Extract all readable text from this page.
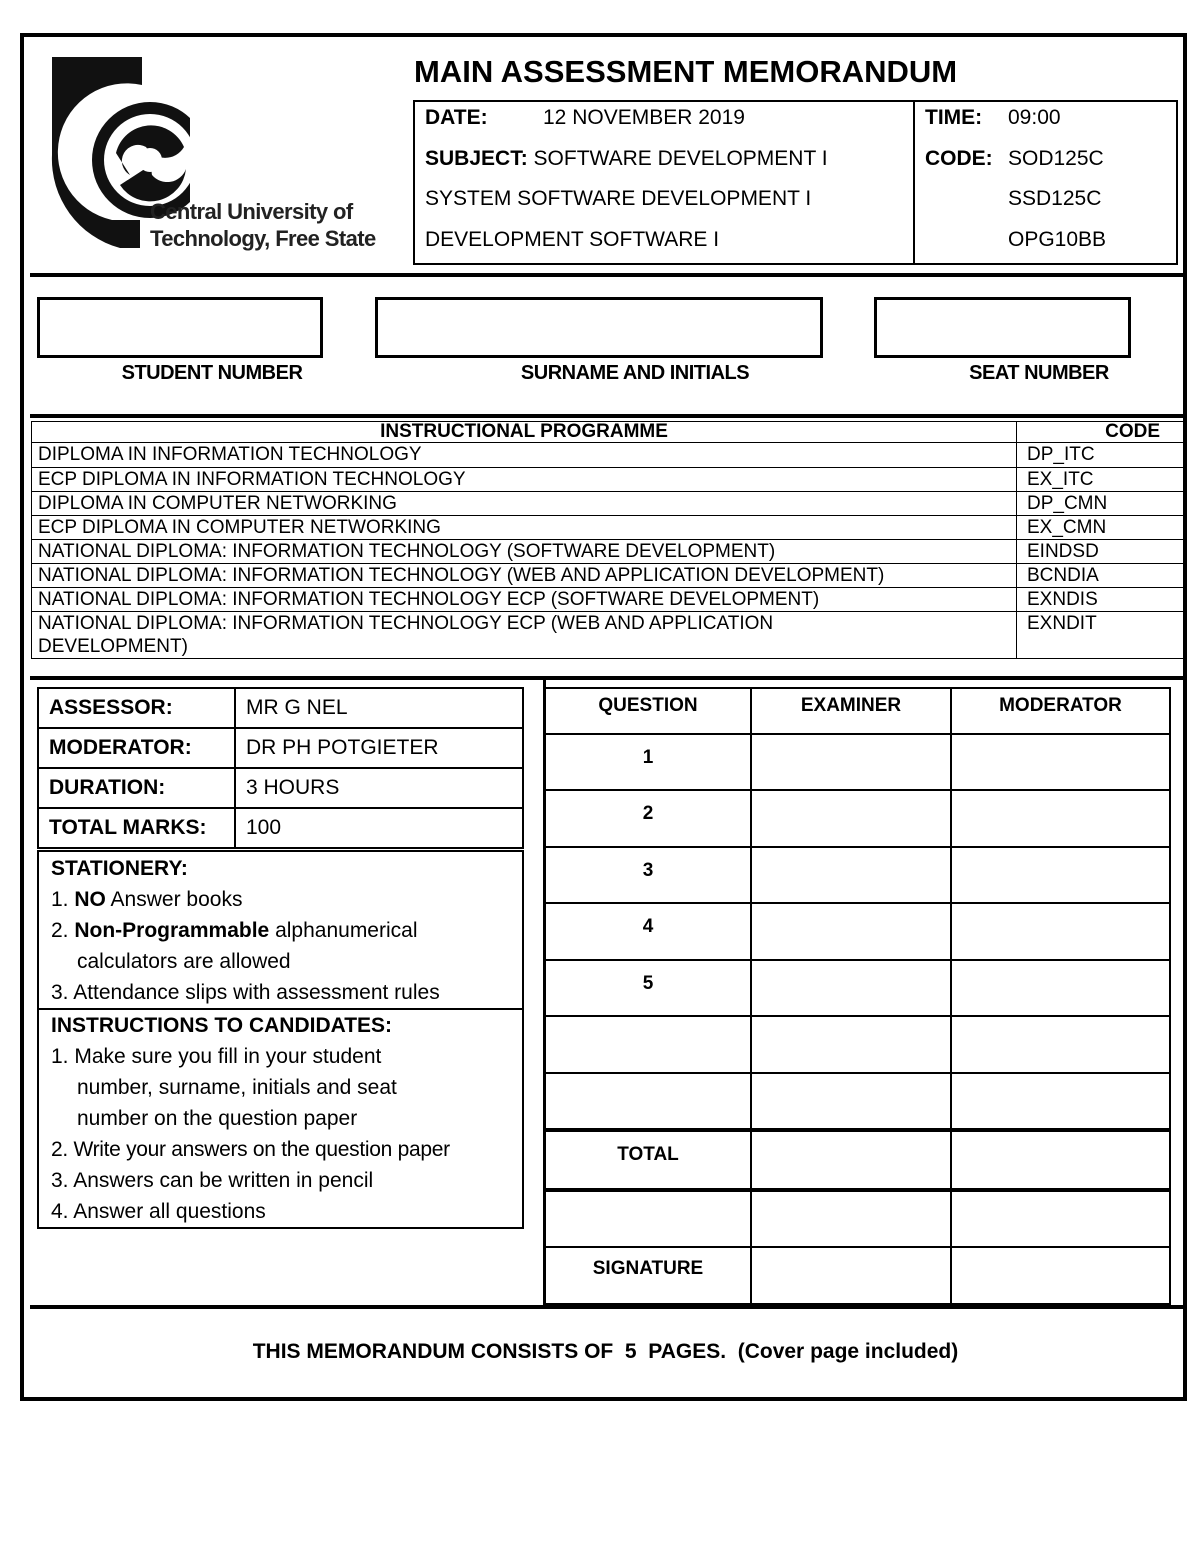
Central University of
Technology, Free State
MAIN ASSESSMENT MEMORANDUM
DATE:	12 NOVEMBER 2019
SUBJECT: SOFTWARE DEVELOPMENT I
SYSTEM SOFTWARE DEVELOPMENT I
DEVELOPMENT SOFTWARE I
TIME: 09:00
CODE: SOD125C
SSD125C
OPG10BB
STUDENT NUMBER	SURNAME AND INITIALS	SEAT NUMBER
INSTRUCTIONAL PROGRAMME	CODE
DIPLOMA IN INFORMATION TECHNOLOGY	DP_ITC
ECP DIPLOMA IN INFORMATION TECHNOLOGY	EX_ITC
DIPLOMA IN COMPUTER NETWORKING	DP_CMN
ECP DIPLOMA IN COMPUTER NETWORKING	EX_CMN
NATIONAL DIPLOMA: INFORMATION TECHNOLOGY (SOFTWARE DEVELOPMENT)	EINDSD
NATIONAL DIPLOMA: INFORMATION TECHNOLOGY (WEB AND APPLICATION DEVELOPMENT)	BCNDIA
NATIONAL DIPLOMA: INFORMATION TECHNOLOGY ECP (SOFTWARE DEVELOPMENT)	EXNDIS
NATIONAL DIPLOMA: INFORMATION TECHNOLOGY ECP (WEB AND APPLICATION DEVELOPMENT)	EXNDIT
ASSESSOR:	MR G NEL
MODERATOR:	DR PH POTGIETER
DURATION:	3 HOURS
TOTAL MARKS:	100
STATIONERY:
1. NO Answer books
2. Non-Programmable alphanumerical calculators are allowed
3. Attendance slips with assessment rules
INSTRUCTIONS TO CANDIDATES:
1. Make sure you fill in your student number, surname, initials and seat number on the question paper
2. Write your answers on the question paper
3. Answers can be written in pencil
4. Answer all questions
QUESTION	EXAMINER	MODERATOR
1		
2		
3		
4		
5		

TOTAL		

SIGNATURE		
THIS MEMORANDUM CONSISTS OF  5  PAGES.  (Cover page included)
